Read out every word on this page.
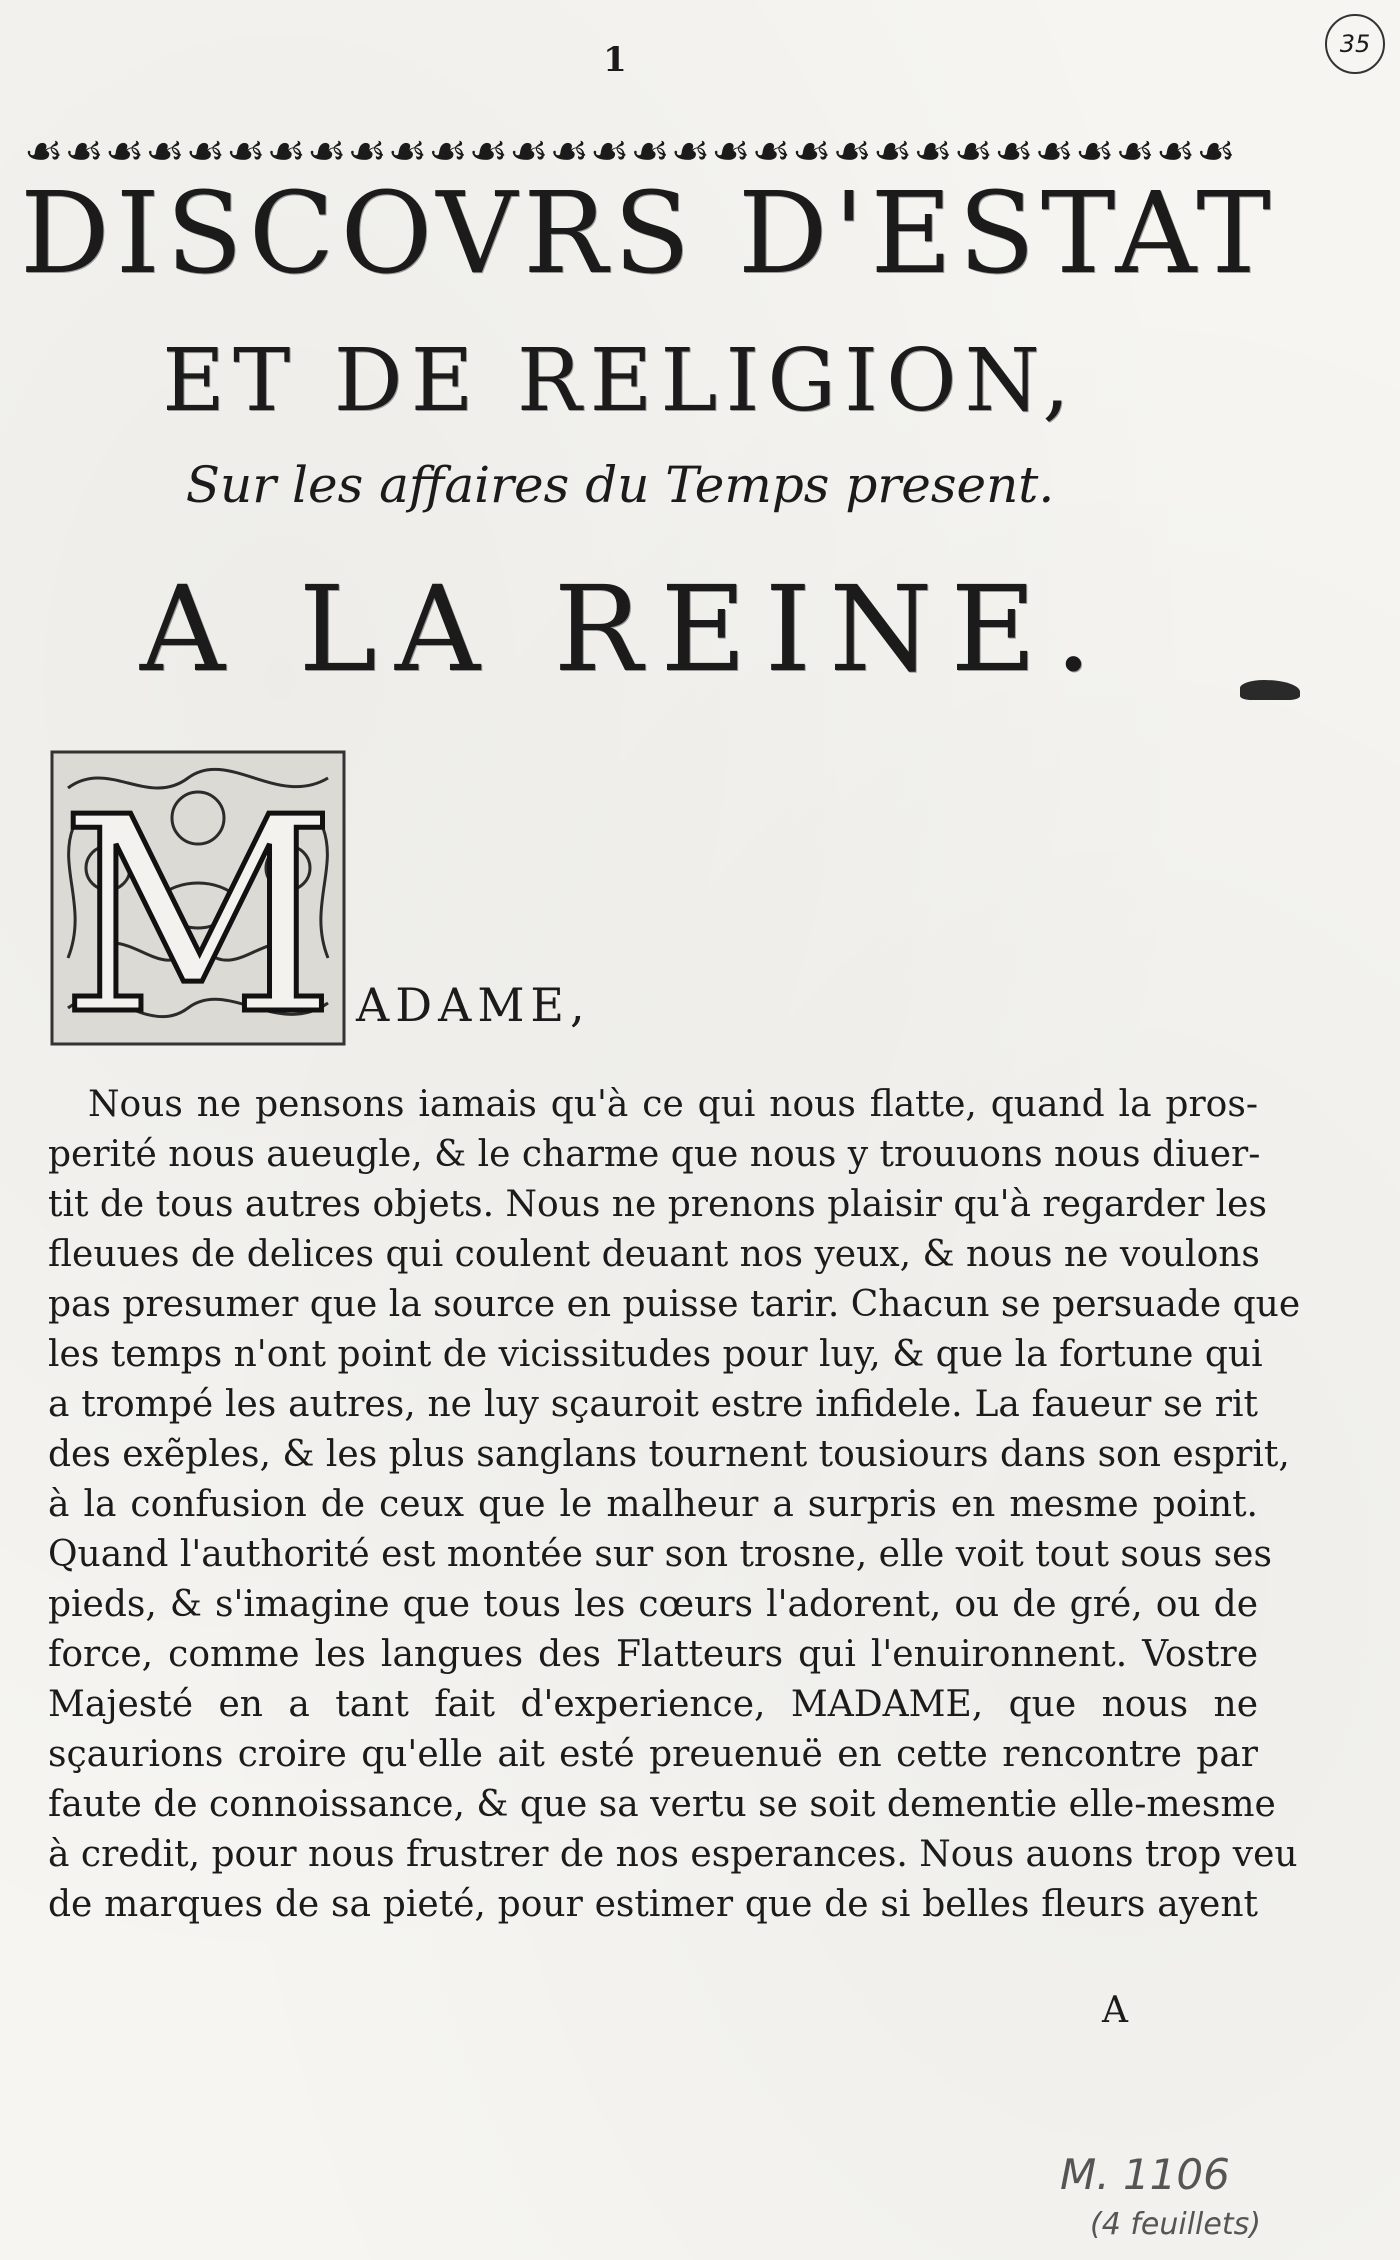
1	35
☙ ☙ ☙ ☙ ☙ ☙ ☙ ☙ ☙ ☙ ☙ ☙ ☙ ☙ ☙ ☙ ☙ ☙ ☙ ☙ ☙ ☙ ☙ ☙ ☙ ☙ ☙ ☙ ☙ ☙
DISCOVRS D'ESTAT
ET DE RELIGION,
Sur les affaires du Temps present.
A LA REINE.
M ADAME,
Nous ne pensons iamais qu'à ce qui nous flatte, quand la pros-
perité nous aueugle, & le charme que nous y trouuons nous diuer-
tit de tous autres objets. Nous ne prenons plaisir qu'à regarder les
fleuues de delices qui coulent deuant nos yeux, & nous ne voulons
pas presumer que la source en puisse tarir. Chacun se persuade que
les temps n'ont point de vicissitudes pour luy, & que la fortune qui
a trompé les autres, ne luy sçauroit estre infidele. La faueur se rit
des exẽples, & les plus sanglans tournent tousiours dans son esprit,
à la confusion de ceux que le malheur a surpris en mesme point.
Quand l'authorité est montée sur son trosne, elle voit tout sous ses
pieds, & s'imagine que tous les cœurs l'adorent, ou de gré, ou de
force, comme les langues des Flatteurs qui l'enuironnent. Vostre
Majesté en a tant fait d'experience, MADAME, que nous ne
sçaurions croire qu'elle ait esté preuenuë en cette rencontre par
faute de connoissance, & que sa vertu se soit dementie elle-mesme
à credit, pour nous frustrer de nos esperances. Nous auons trop veu
de marques de sa pieté, pour estimer que de si belles fleurs ayent
A
M. 1106
(4 feuillets)
